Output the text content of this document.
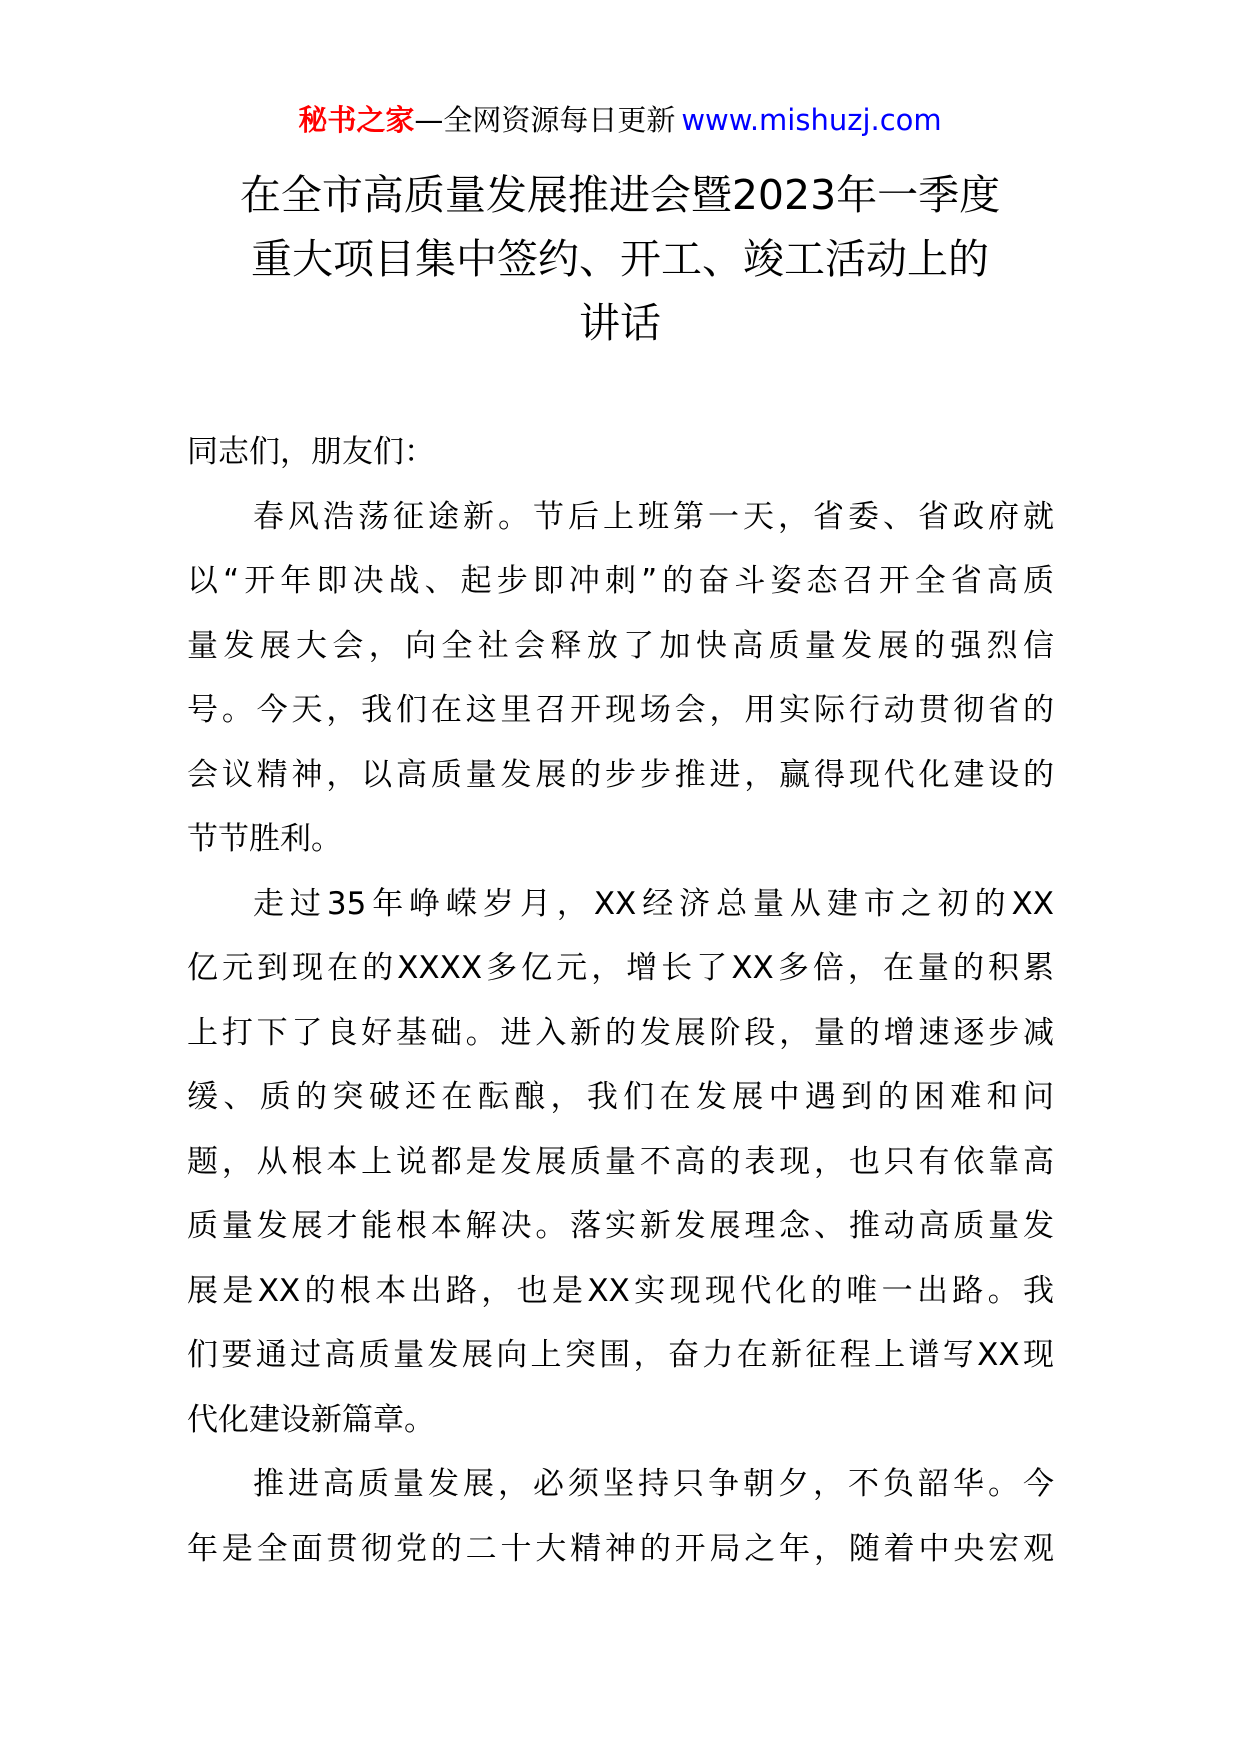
秘书之家—全网资源每日更新 www.mishuzj.com
在全市高质量发展推进会暨2023年一季度
重大项目集中签约、开工、竣工活动上的
讲话
同志们，朋友们：
春风浩荡征途新。节后上班第一天，省委、省政府就
以“开年即决战、起步即冲刺”的奋斗姿态召开全省高质
量发展大会，向全社会释放了加快高质量发展的强烈信
号。今天，我们在这里召开现场会，用实际行动贯彻省的
会议精神，以高质量发展的步步推进，赢得现代化建设的
节节胜利。
走过35年峥嵘岁月，XX经济总量从建市之初的XX
亿元到现在的XXXX多亿元，增长了XX多倍，在量的积累
上打下了良好基础。进入新的发展阶段，量的增速逐步减
缓、质的突破还在酝酿，我们在发展中遇到的困难和问
题，从根本上说都是发展质量不高的表现，也只有依靠高
质量发展才能根本解决。落实新发展理念、推动高质量发
展是XX的根本出路，也是XX实现现代化的唯一出路。我
们要通过高质量发展向上突围，奋力在新征程上谱写XX现
代化建设新篇章。
推进高质量发展，必须坚持只争朝夕，不负韶华。今
年是全面贯彻党的二十大精神的开局之年，随着中央宏观
